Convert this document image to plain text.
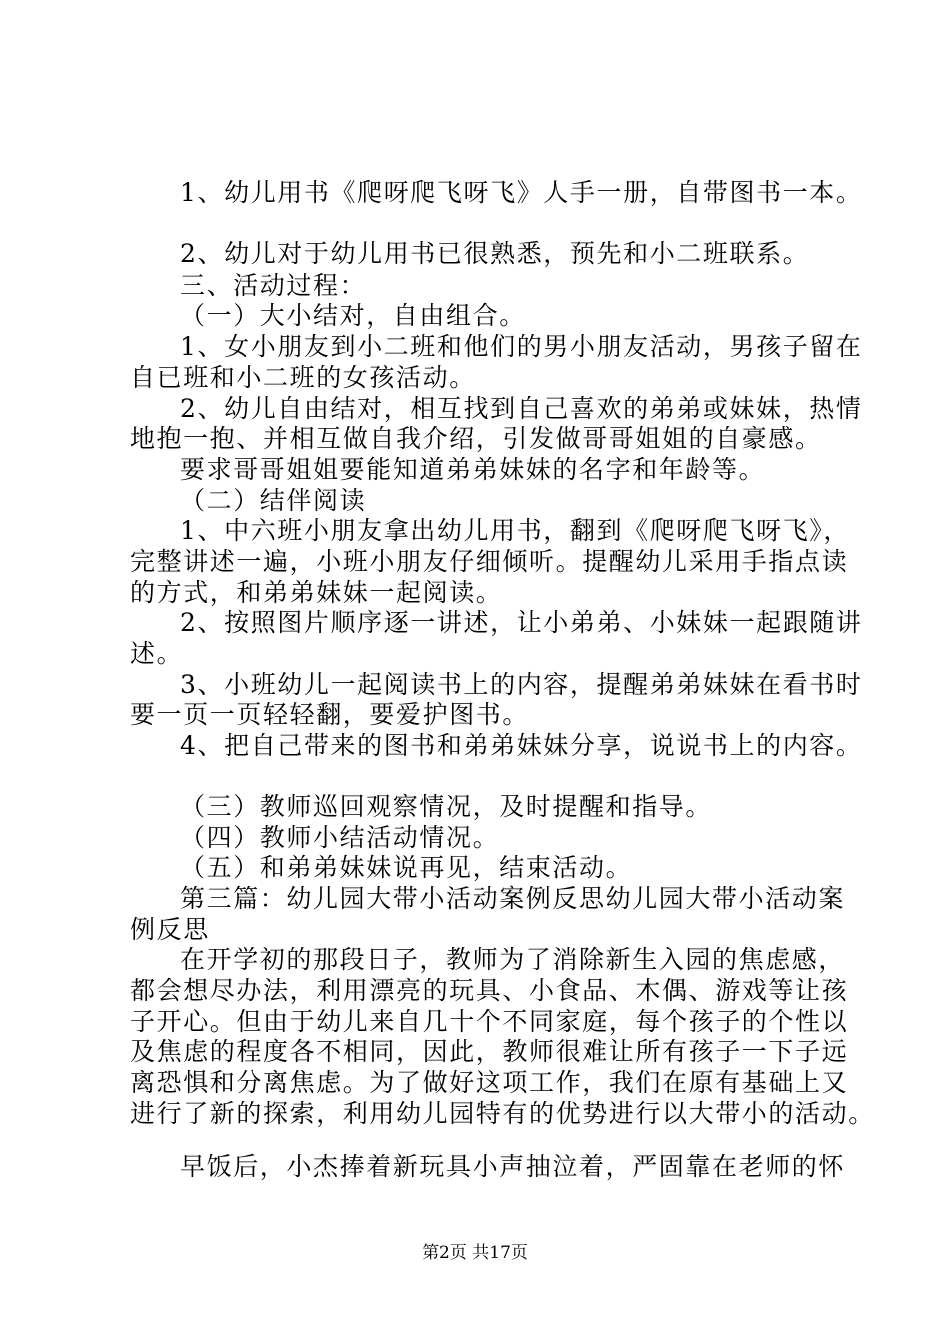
1、幼儿用书《爬呀爬飞呀飞》人手一册，自带图书一本。
2、幼儿对于幼儿用书已很熟悉，预先和小二班联系。
三、活动过程：
（一）大小结对，自由组合。
1、女小朋友到小二班和他们的男小朋友活动，男孩子留在
自已班和小二班的女孩活动。
2、幼儿自由结对，相互找到自己喜欢的弟弟或妹妹，热情
地抱一抱、并相互做自我介绍，引发做哥哥姐姐的自豪感。
要求哥哥姐姐要能知道弟弟妹妹的名字和年龄等。
（二）结伴阅读
1、中六班小朋友拿出幼儿用书，翻到《爬呀爬飞呀飞》，
完整讲述一遍，小班小朋友仔细倾听。提醒幼儿采用手指点读
的方式，和弟弟妹妹一起阅读。
2、按照图片顺序逐一讲述，让小弟弟、小妹妹一起跟随讲
述。
3、小班幼儿一起阅读书上的内容，提醒弟弟妹妹在看书时
要一页一页轻轻翻，要爱护图书。
4、把自己带来的图书和弟弟妹妹分享，说说书上的内容。
（三）教师巡回观察情况，及时提醒和指导。
（四）教师小结活动情况。
（五）和弟弟妹妹说再见，结束活动。
第三篇：幼儿园大带小活动案例反思幼儿园大带小活动案
例反思
在开学初的那段日子，教师为了消除新生入园的焦虑感，
都会想尽办法，利用漂亮的玩具、小食品、木偶、游戏等让孩
子开心。但由于幼儿来自几十个不同家庭，每个孩子的个性以
及焦虑的程度各不相同，因此，教师很难让所有孩子一下子远
离恐惧和分离焦虑。为了做好这项工作，我们在原有基础上又
进行了新的探索，利用幼儿园特有的优势进行以大带小的活动。
早饭后，小杰捧着新玩具小声抽泣着，严固靠在老师的怀
第2页 共17页
